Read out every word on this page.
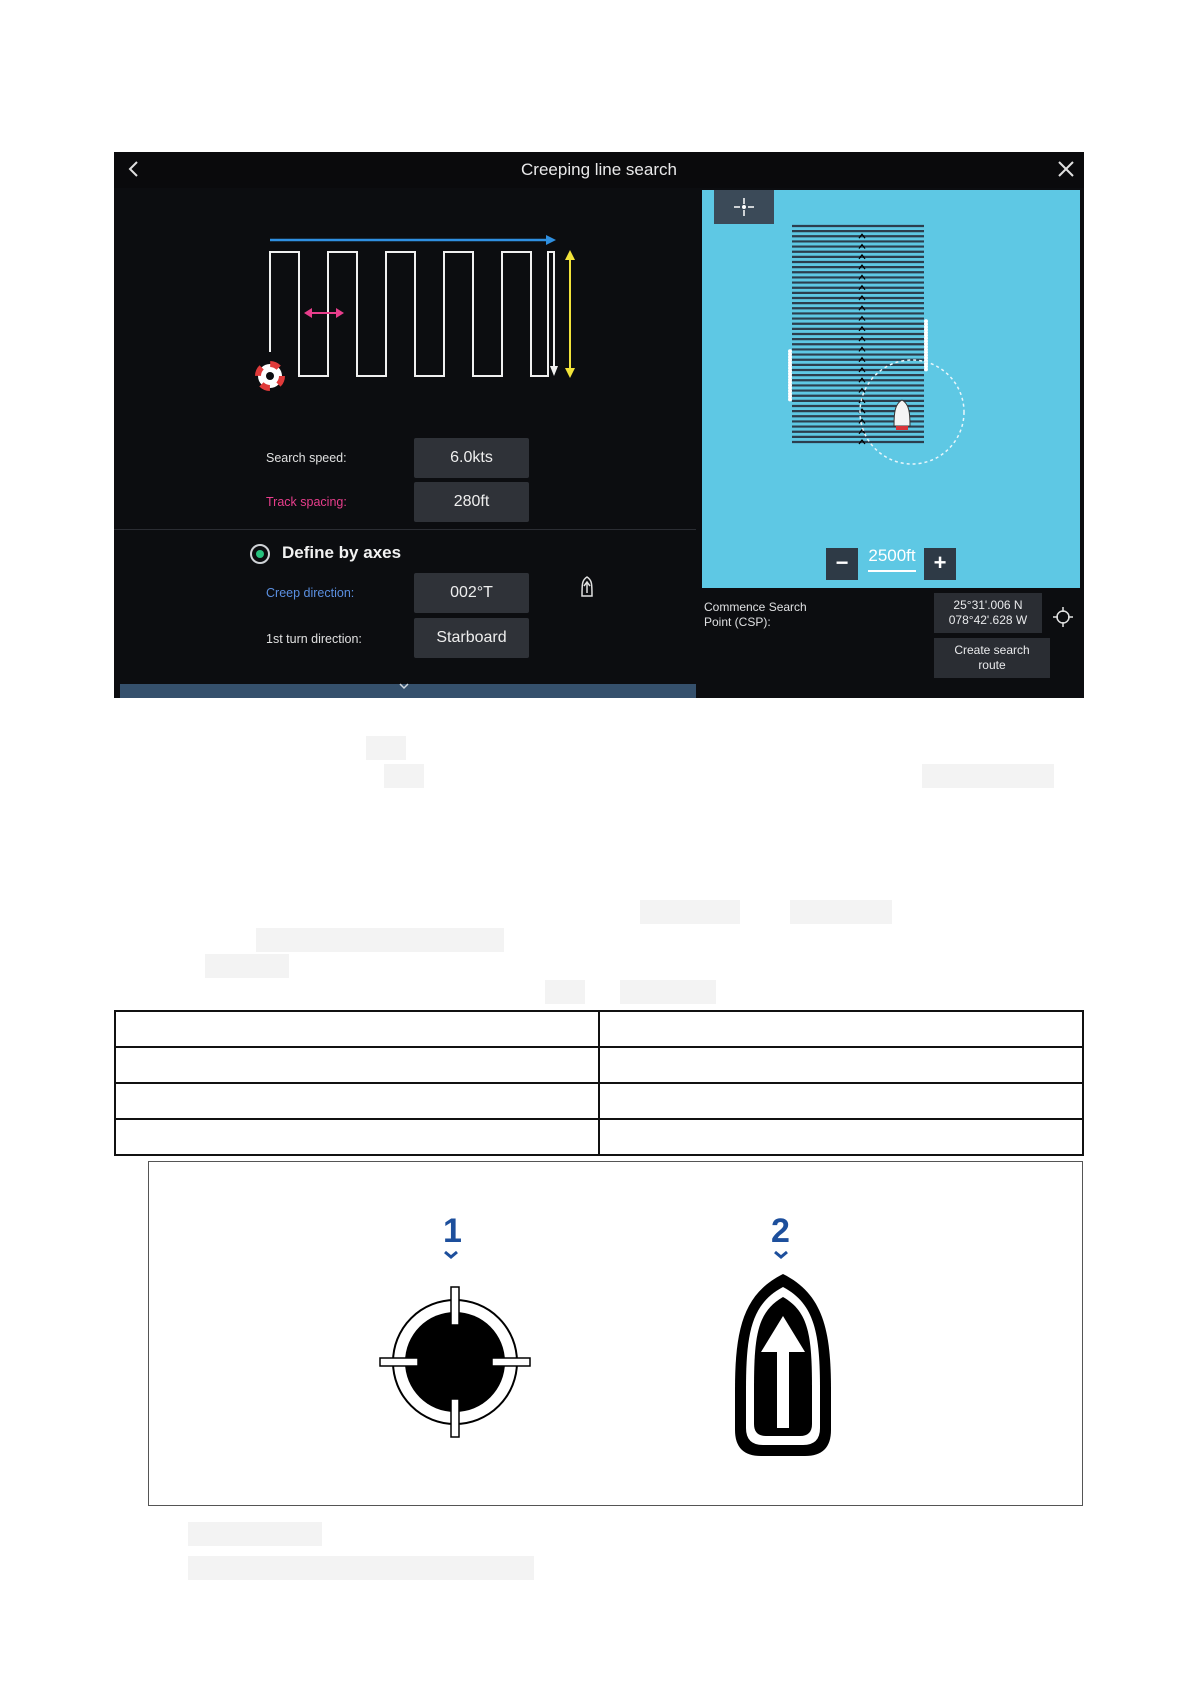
Creeping line search
Search speed:	6.0kts
Track spacing:	280ft
Define by axes
Creep direction:	002°T
1st turn direction:	Starboard
−	2500ft +
Commence Search
Point (CSP):
25°31'.006 N
078°42'.628 W
Create search
route

1	2
